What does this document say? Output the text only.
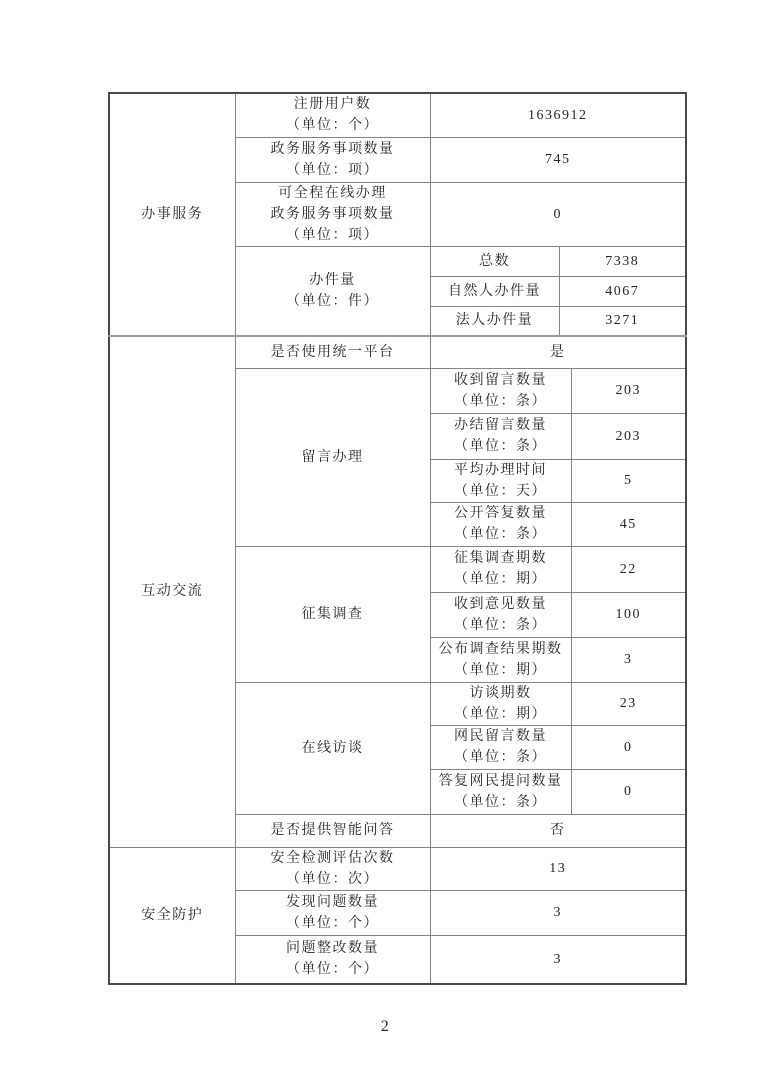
办事服务	注册用户数
（单位：个）	1636912		

	政务服务事项数量
（单位：项）	745		

	可全程在线办理
政务服务事项数量
（单位：项）	0		

	办件量
（单位：件）	总数	7338	
		自然人办件量	4067	
		法人办件量	3271	
互动交流	是否使用统一平台	是		
	留言办理	收到留言数量
（单位：条）		203

		办结留言数量
（单位：条）		203

		平均办理时间
（单位：天）		5

		公开答复数量
（单位：条）		45
	征集调查	征集调查期数
（单位：期）		22

		收到意见数量
（单位：条）		100

		公布调查结果期数
（单位：期）		3
	在线访谈	访谈期数
（单位：期）		23

		网民留言数量
（单位：条）		0

		答复网民提问数量
（单位：条）		0
	是否提供智能问答	否		
安全防护	安全检测评估次数
（单位：次）	13		

	发现问题数量
（单位：个）	3		

	问题整改数量
（单位：个）	3		
2
